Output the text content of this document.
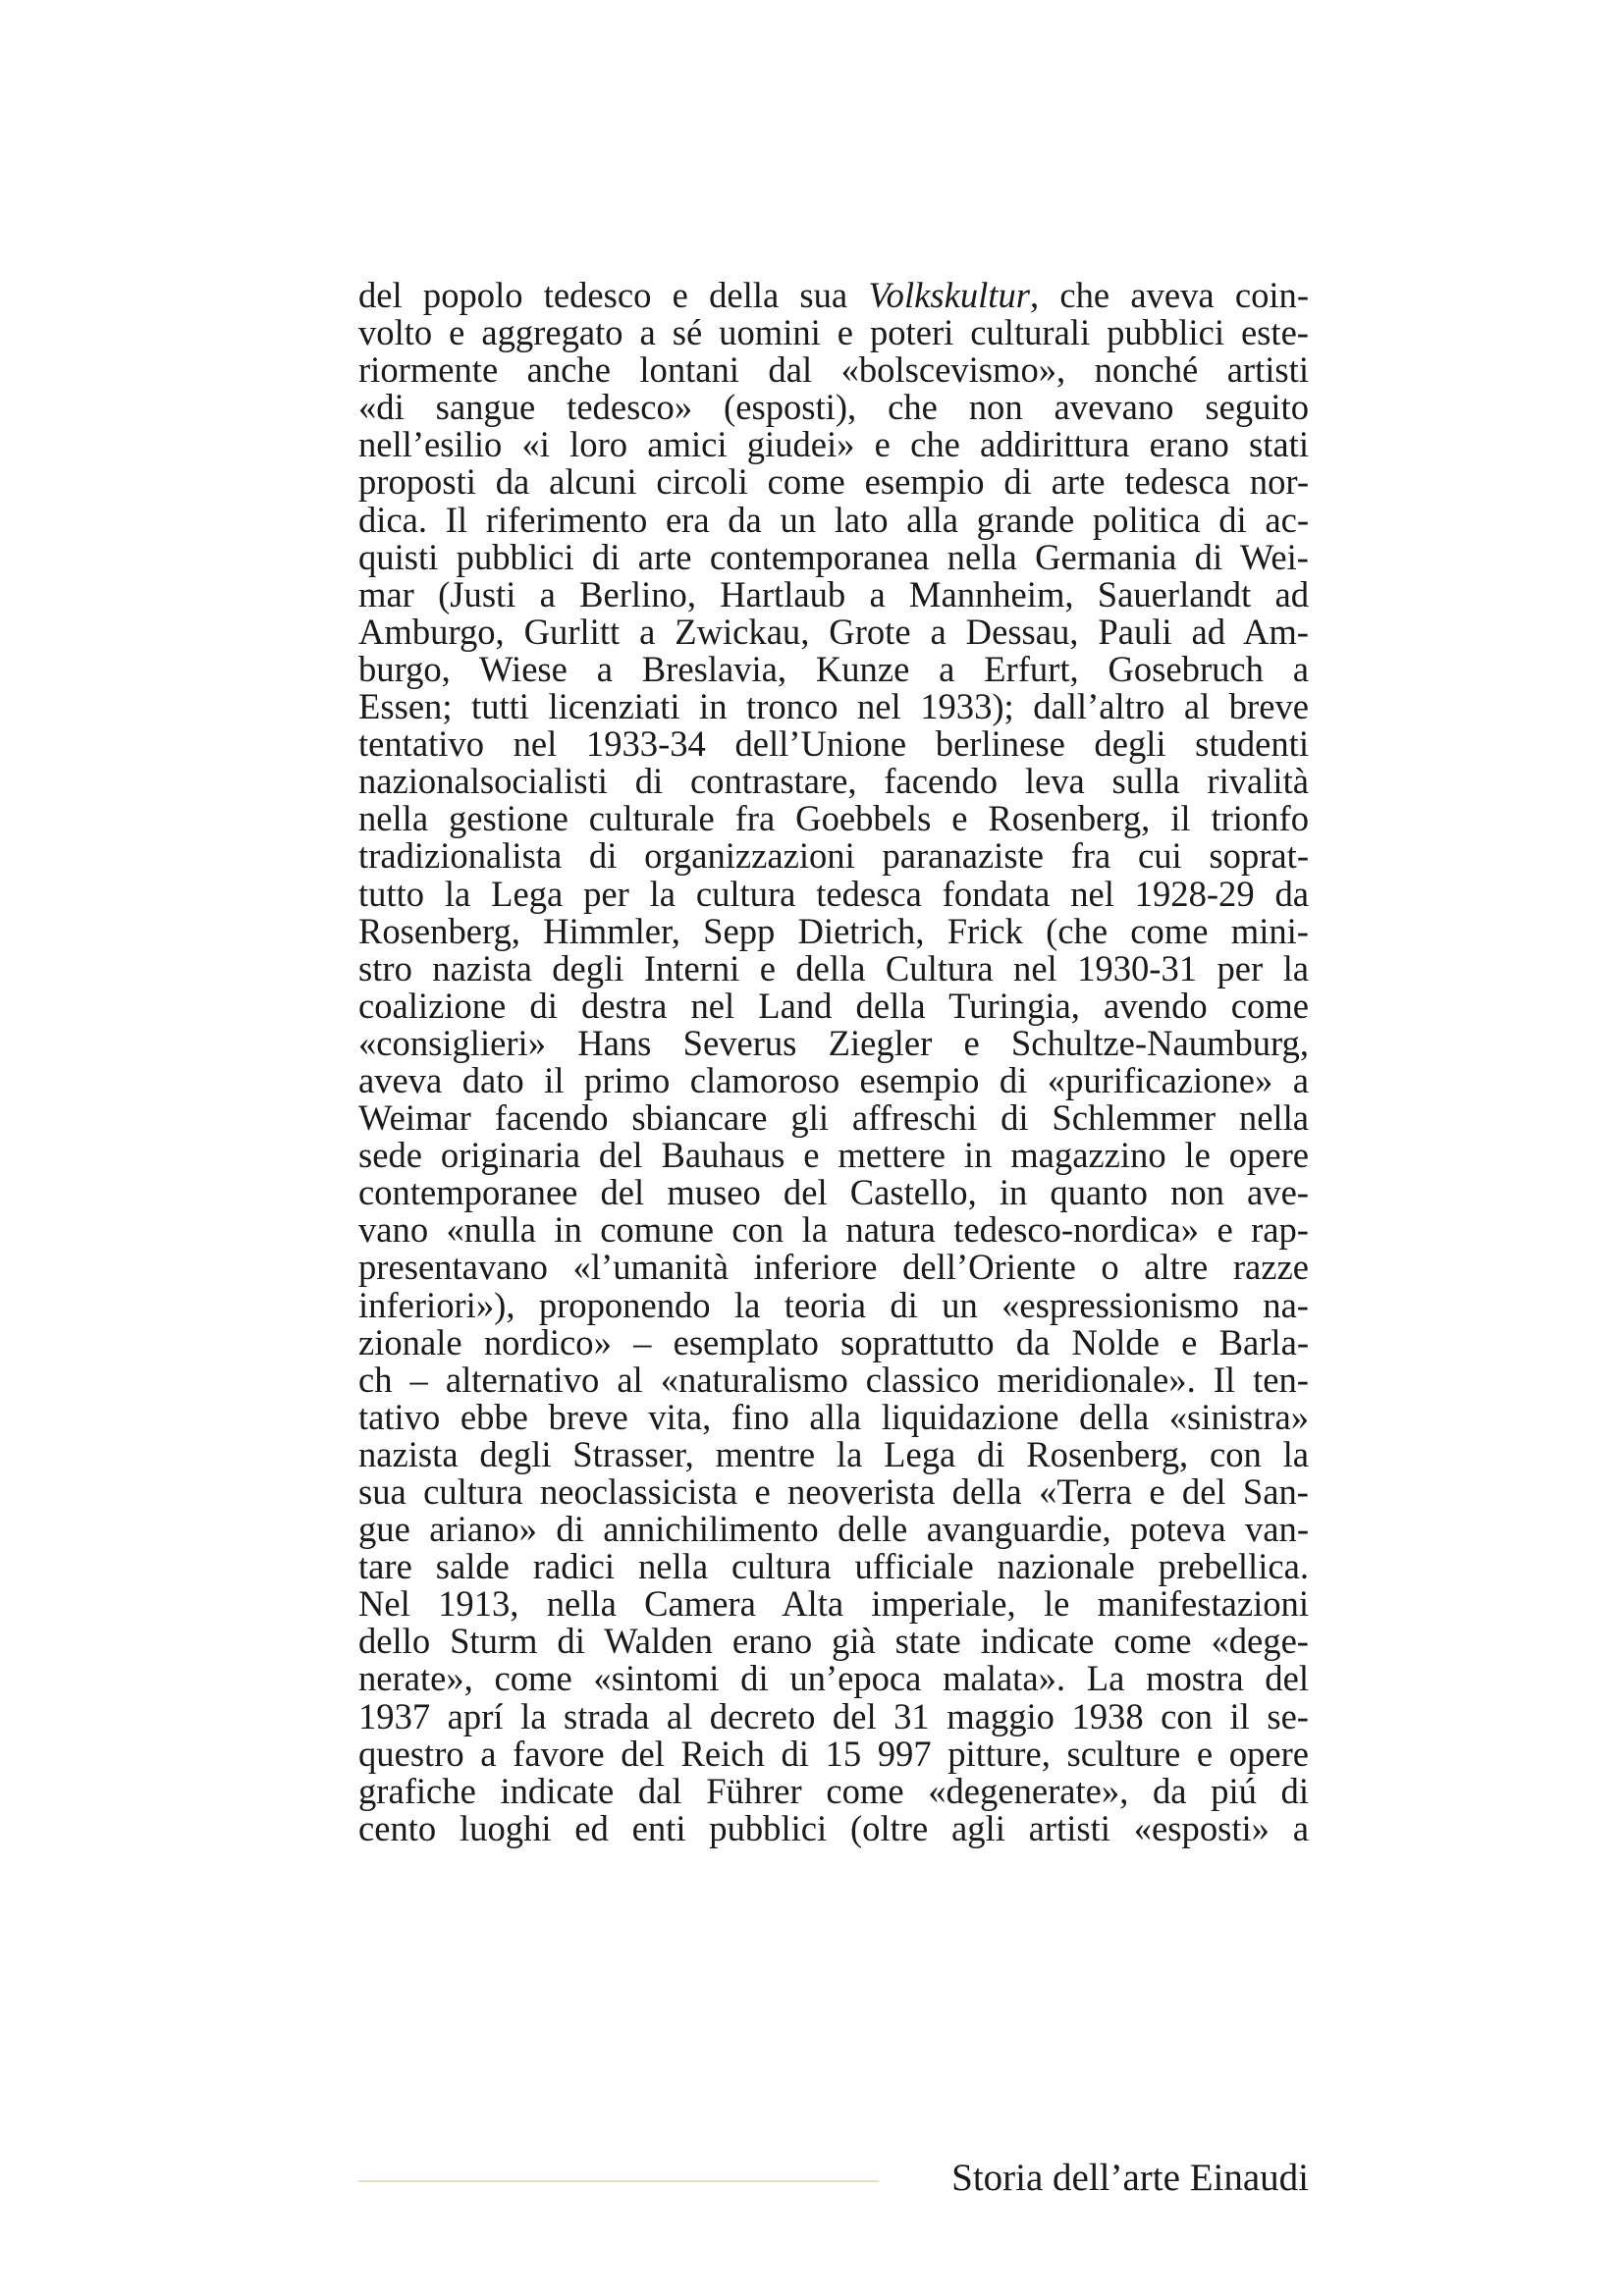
del popolo tedesco e della sua Volkskultur, che aveva coin-
volto e aggregato a sé uomini e poteri culturali pubblici este-
riormente anche lontani dal «bolscevismo», nonché artisti
«di sangue tedesco» (esposti), che non avevano seguito
nell’esilio «i loro amici giudei» e che addirittura erano stati
proposti da alcuni circoli come esempio di arte tedesca nor-
dica. Il riferimento era da un lato alla grande politica di ac-
quisti pubblici di arte contemporanea nella Germania di Wei-
mar (Justi a Berlino, Hartlaub a Mannheim, Sauerlandt ad
Amburgo, Gurlitt a Zwickau, Grote a Dessau, Pauli ad Am-
burgo, Wiese a Breslavia, Kunze a Erfurt, Gosebruch a
Essen; tutti licenziati in tronco nel 1933); dall’altro al breve
tentativo nel 1933-34 dell’Unione berlinese degli studenti
nazionalsocialisti di contrastare, facendo leva sulla rivalità
nella gestione culturale fra Goebbels e Rosenberg, il trionfo
tradizionalista di organizzazioni paranaziste fra cui soprat-
tutto la Lega per la cultura tedesca fondata nel 1928-29 da
Rosenberg, Himmler, Sepp Dietrich, Frick (che come mini-
stro nazista degli Interni e della Cultura nel 1930-31 per la
coalizione di destra nel Land della Turingia, avendo come
«consiglieri» Hans Severus Ziegler e Schultze-Naumburg,
aveva dato il primo clamoroso esempio di «purificazione» a
Weimar facendo sbiancare gli affreschi di Schlemmer nella
sede originaria del Bauhaus e mettere in magazzino le opere
contemporanee del museo del Castello, in quanto non ave-
vano «nulla in comune con la natura tedesco-nordica» e rap-
presentavano «l’umanità inferiore dell’Oriente o altre razze
inferiori»), proponendo la teoria di un «espressionismo na-
zionale nordico» – esemplato soprattutto da Nolde e Barla-
ch – alternativo al «naturalismo classico meridionale». Il ten-
tativo ebbe breve vita, fino alla liquidazione della «sinistra»
nazista degli Strasser, mentre la Lega di Rosenberg, con la
sua cultura neoclassicista e neoverista della «Terra e del San-
gue ariano» di annichilimento delle avanguardie, poteva van-
tare salde radici nella cultura ufficiale nazionale prebellica.
Nel 1913, nella Camera Alta imperiale, le manifestazioni
dello Sturm di Walden erano già state indicate come «dege-
nerate», come «sintomi di un’epoca malata». La mostra del
1937 aprí la strada al decreto del 31 maggio 1938 con il se-
questro a favore del Reich di 15 997 pitture, sculture e opere
grafiche indicate dal Führer come «degenerate», da piú di
cento luoghi ed enti pubblici (oltre agli artisti «esposti» a
Storia dell’arte Einaudi
